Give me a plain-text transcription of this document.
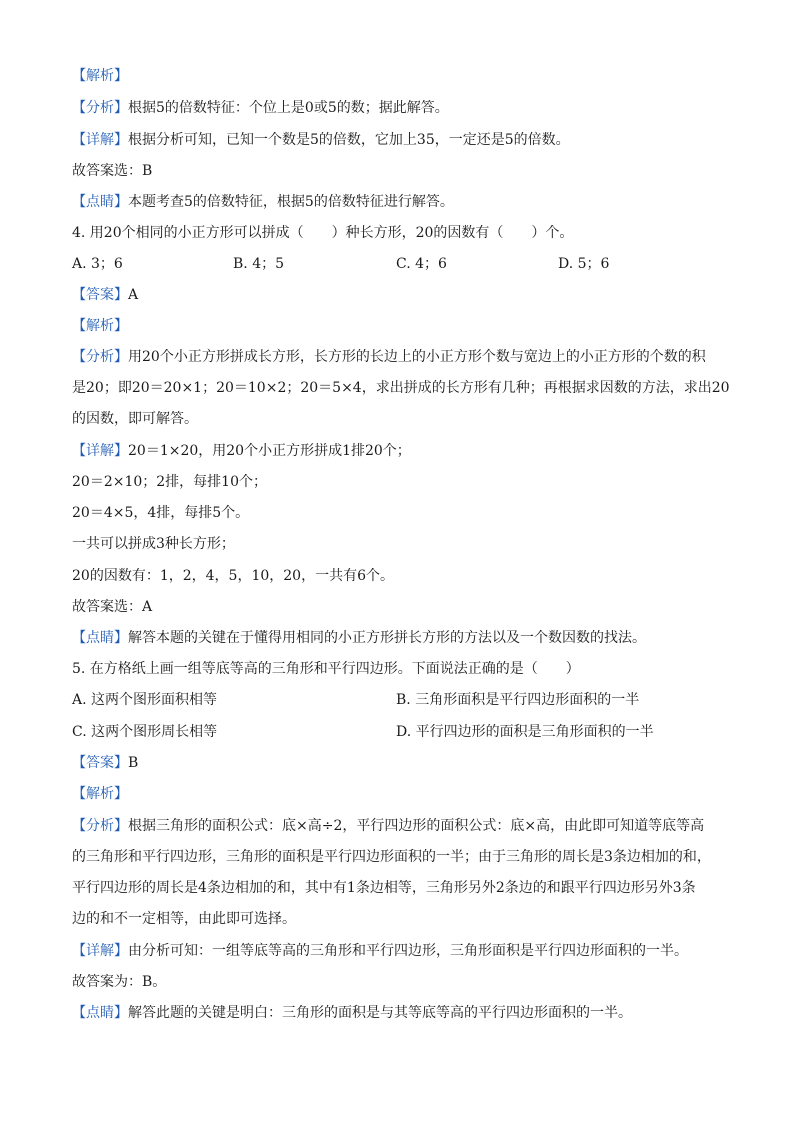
【解析】
【分析】根据5的倍数特征：个位上是0或5的数；据此解答。
【详解】根据分析可知，已知一个数是5的倍数，它加上35，一定还是5的倍数。
故答案选：B
【点睛】本题考查5的倍数特征，根据5的倍数特征进行解答。
4. 用20个相同的小正方形可以拼成（　　）种长方形，20的因数有（　　）个。
A. 3；6	B. 4；5	C. 4；6	D. 5；6
【答案】A
【解析】
【分析】用20个小正方形拼成长方形，长方形的长边上的小正方形个数与宽边上的小正方形的个数的积
是20；即20＝20×1；20＝10×2；20＝5×4，求出拼成的长方形有几种；再根据求因数的方法，求出20
的因数，即可解答。
【详解】20＝1×20，用20个小正方形拼成1排20个；
20＝2×10；2排，每排10个；
20＝4×5，4排，每排5个。
一共可以拼成3种长方形；
20的因数有：1，2，4，5，10，20，一共有6个。
故答案选：A
【点睛】解答本题的关键在于懂得用相同的小正方形拼长方形的方法以及一个数因数的找法。
5. 在方格纸上画一组等底等高的三角形和平行四边形。下面说法正确的是（　　）
A. 这两个图形面积相等	B. 三角形面积是平行四边形面积的一半
C. 这两个图形周长相等	D. 平行四边形的面积是三角形面积的一半
【答案】B
【解析】
【分析】根据三角形的面积公式：底×高÷2，平行四边形的面积公式：底×高，由此即可知道等底等高
的三角形和平行四边形，三角形的面积是平行四边形面积的一半；由于三角形的周长是3条边相加的和，
平行四边形的周长是4条边相加的和，其中有1条边相等，三角形另外2条边的和跟平行四边形另外3条
边的和不一定相等，由此即可选择。
【详解】由分析可知：一组等底等高的三角形和平行四边形，三角形面积是平行四边形面积的一半。
故答案为：B。
【点睛】解答此题的关键是明白：三角形的面积是与其等底等高的平行四边形面积的一半。
